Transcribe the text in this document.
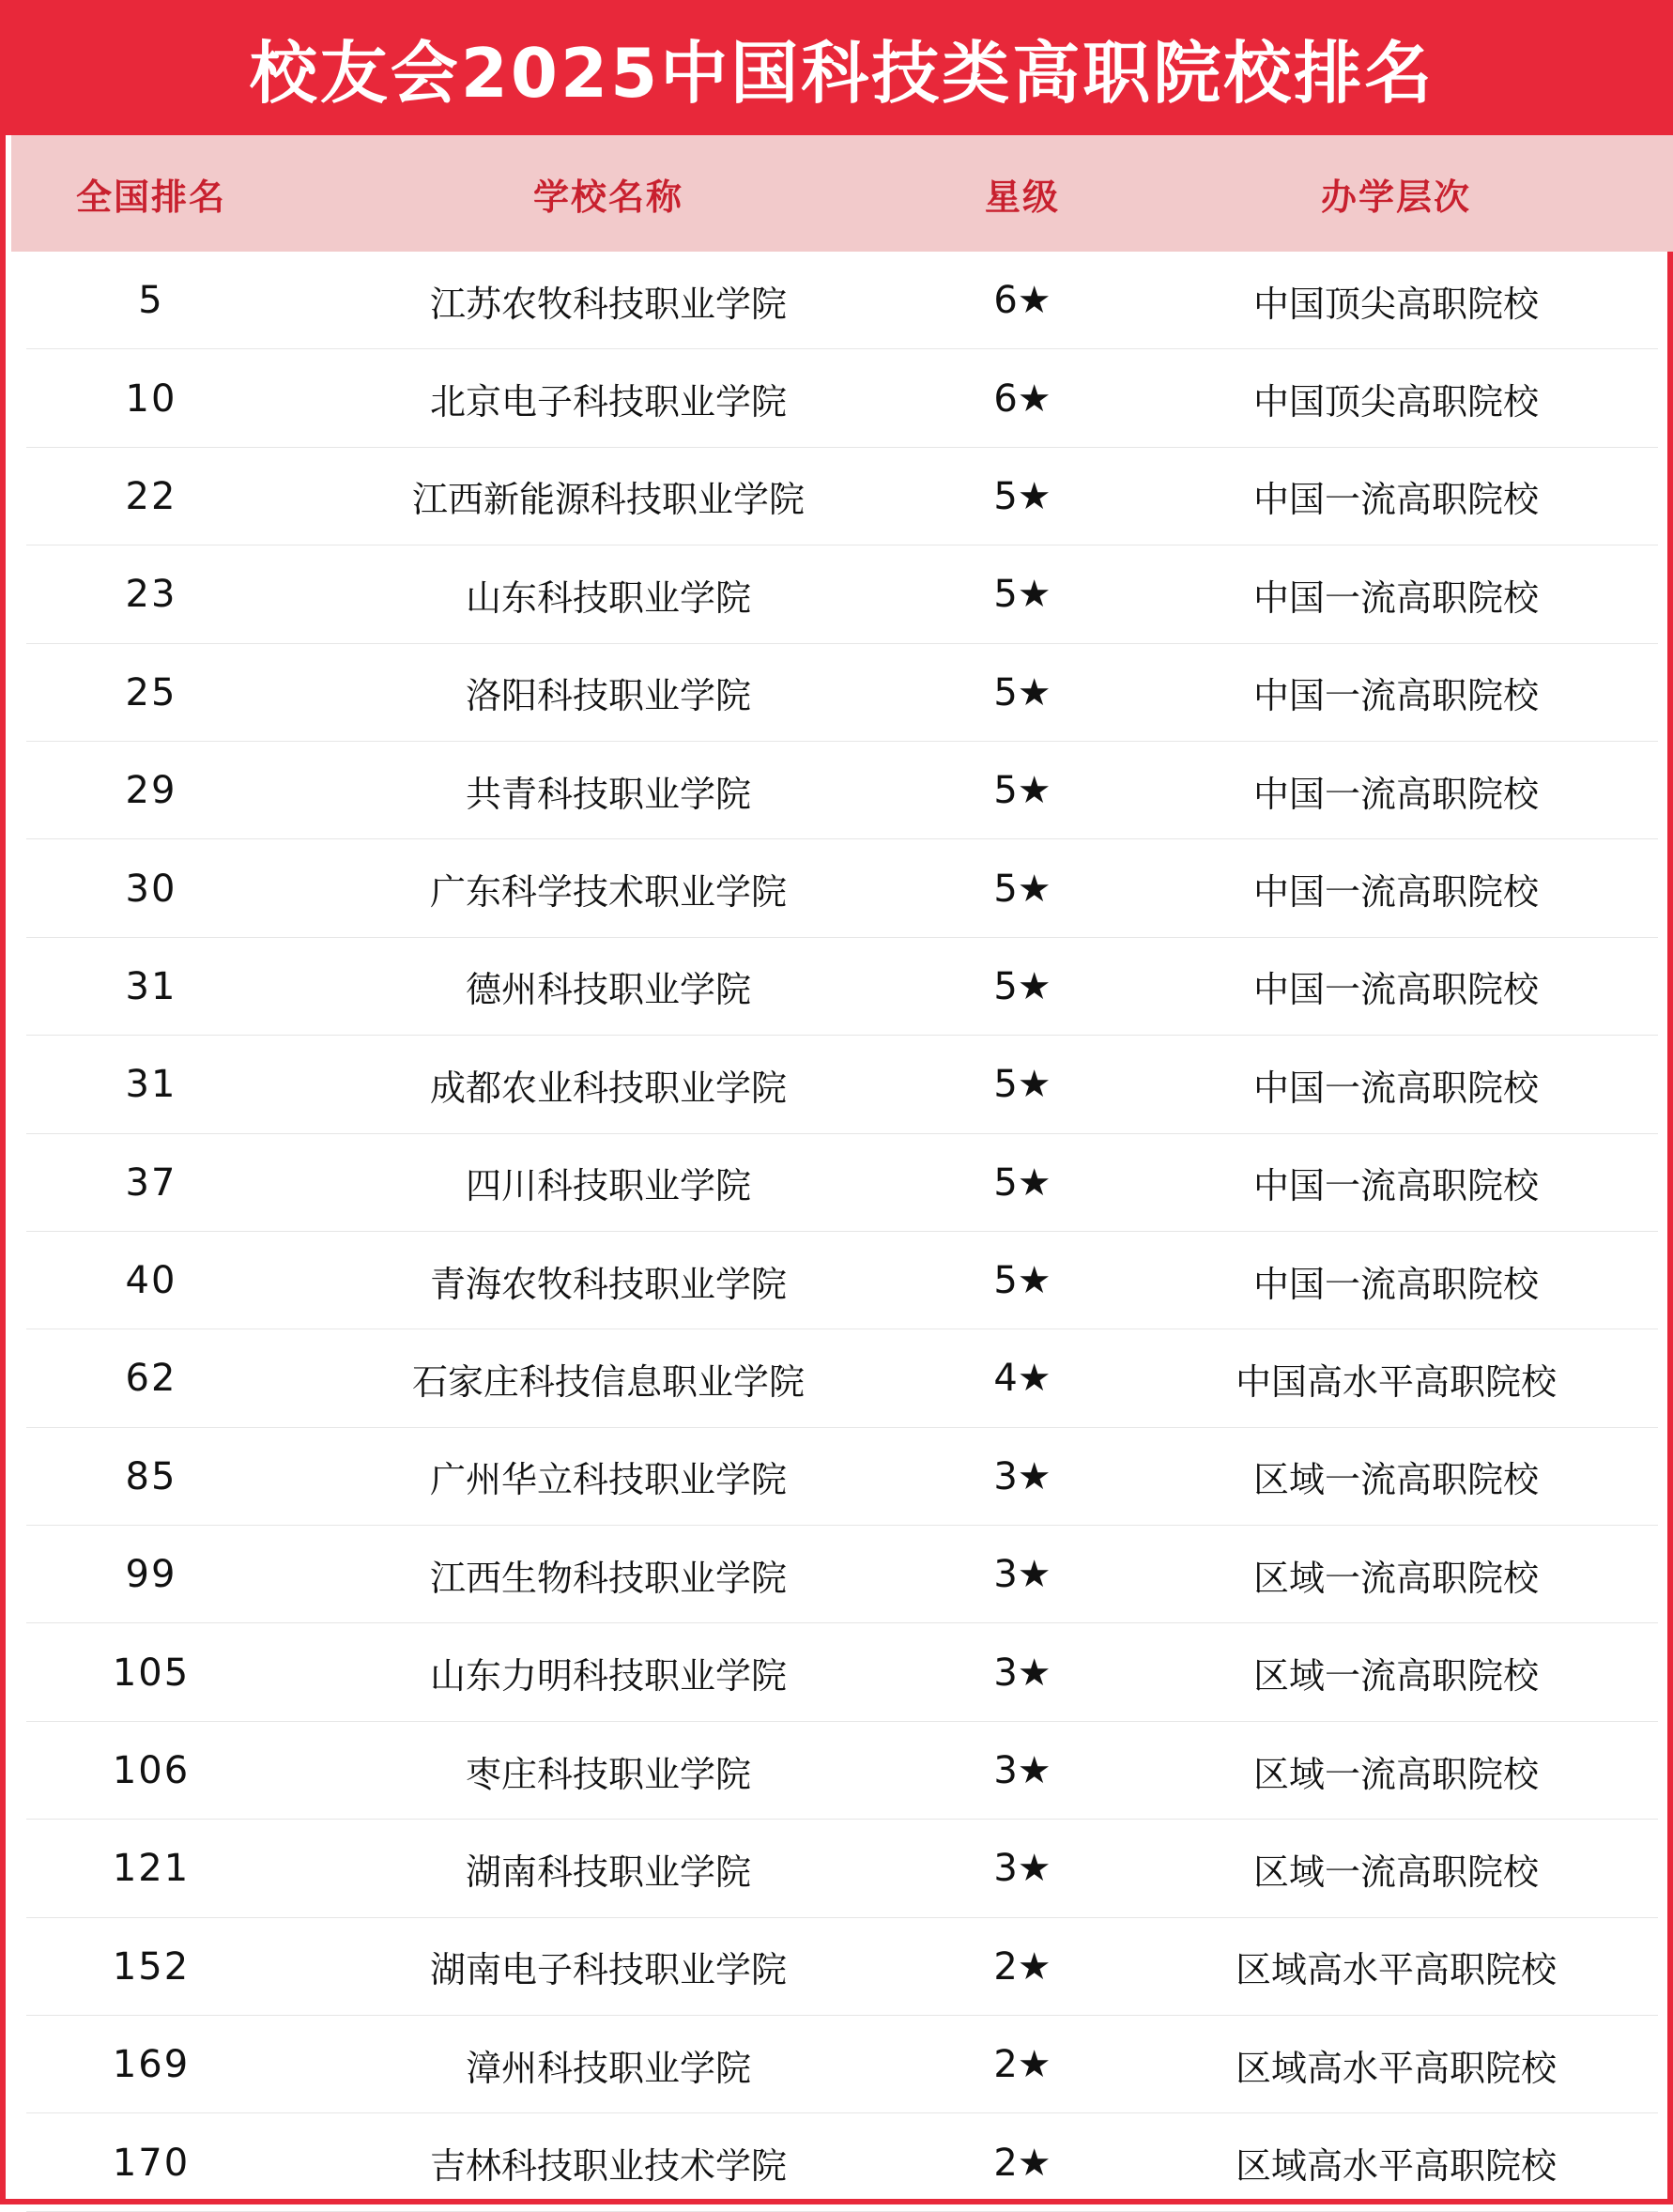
校友会2025中国科技类高职院校排名
全国排名	学校名称	星级	办学层次
5	江苏农牧科技职业学院	6★	中国顶尖高职院校
10	北京电子科技职业学院	6★	中国顶尖高职院校
22	江西新能源科技职业学院	5★	中国一流高职院校
23	山东科技职业学院	5★	中国一流高职院校
25	洛阳科技职业学院	5★	中国一流高职院校
29	共青科技职业学院	5★	中国一流高职院校
30	广东科学技术职业学院	5★	中国一流高职院校
31	德州科技职业学院	5★	中国一流高职院校
31	成都农业科技职业学院	5★	中国一流高职院校
37	四川科技职业学院	5★	中国一流高职院校
40	青海农牧科技职业学院	5★	中国一流高职院校
62	石家庄科技信息职业学院	4★	中国高水平高职院校
85	广州华立科技职业学院	3★	区域一流高职院校
99	江西生物科技职业学院	3★	区域一流高职院校
105	山东力明科技职业学院	3★	区域一流高职院校
106	枣庄科技职业学院	3★	区域一流高职院校
121	湖南科技职业学院	3★	区域一流高职院校
152	湖南电子科技职业学院	2★	区域高水平高职院校
169	漳州科技职业学院	2★	区域高水平高职院校
170	吉林科技职业技术学院	2★	区域高水平高职院校
